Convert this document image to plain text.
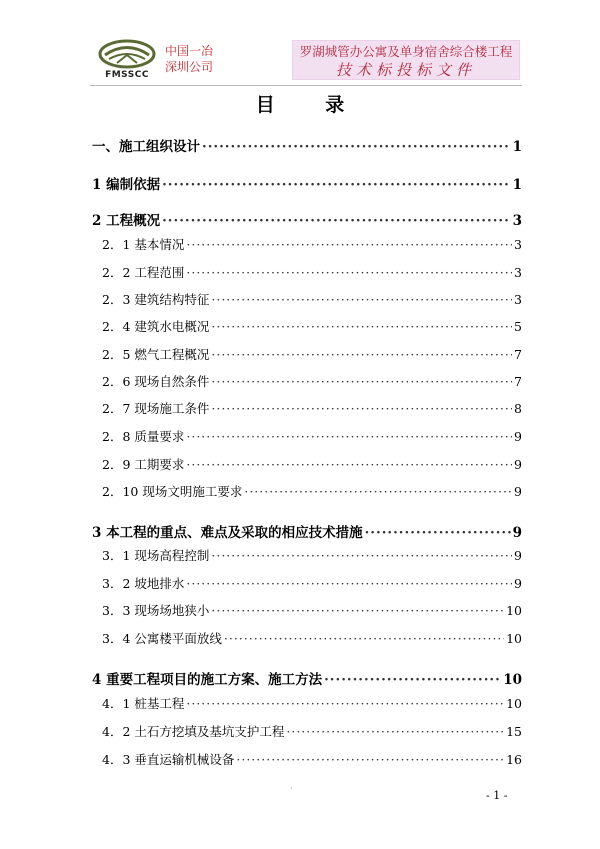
FMSSCC
中国一冶
深圳公司
罗湖城管办公寓及单身宿舍综合楼工程
技术标投标文件
目 录
一、施工组织设计 ·····	1
1 编制依据 ·····	1
2 工程概况 ·····	3
2．1 基本情况 ·····	3
2．2 工程范围 ·····	3
2．3 建筑结构特征 ·····	3
2．4 建筑水电概况 ·····	5
2．5 燃气工程概况 ·····	7
2．6 现场自然条件 ·····	7
2．7 现场施工条件 ·····	8
2．8 质量要求 ·····	9
2．9 工期要求 ·····	9
2．10 现场文明施工要求 ·····	9
3 本工程的重点、难点及采取的相应技术措施 ·····	9
3．1 现场高程控制 ·····	9
3．2 坡地排水 ·····	9
3．3 现场场地狭小 ·····	10
3．4 公寓楼平面放线 ·····	10
4 重要工程项目的施工方案、施工方法 ·····	10
4．1 桩基工程 ·····	10
4．2 土石方挖填及基坑支护工程 ·····	15
4．3 垂直运输机械设备 ·····	16
·
- 1 -
